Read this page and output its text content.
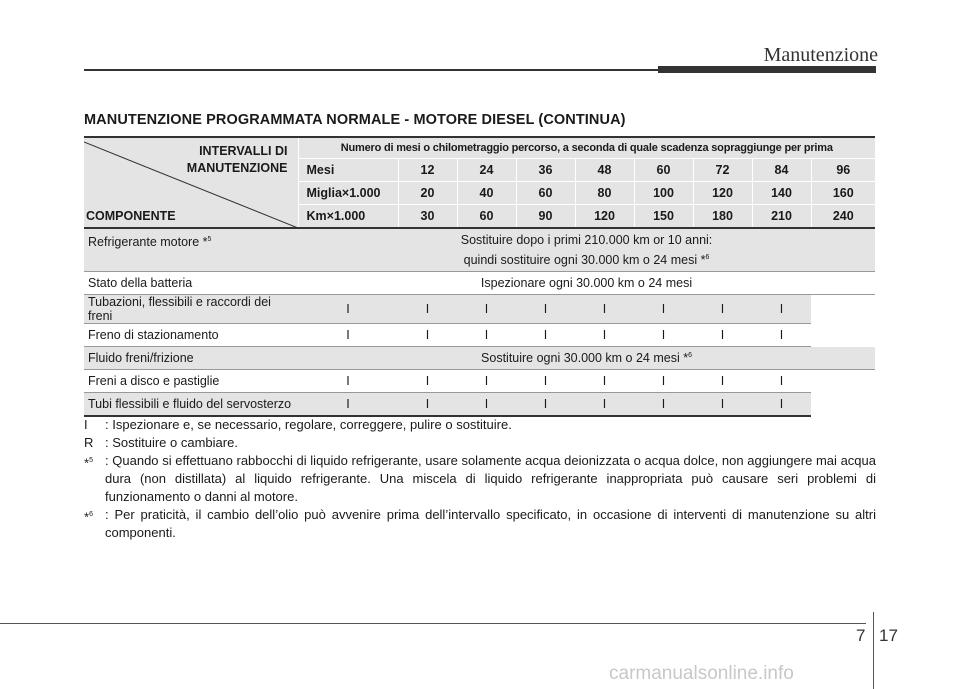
Manutenzione
MANUTENZIONE PROGRAMMATA NORMALE - MOTORE DIESEL (CONTINUA)
INTERVALLI DI
MANUTENZIONE
COMPONENTE	Numero di mesi o chilometraggio percorso, a seconda di quale scadenza sopraggiunge per prima								
	Mesi	12	24	36	48	60	72	84	96
	Miglia×1.000	20	40	60	80	100	120	140	160
	Km×1.000	30	60	90	120	150	180	210	240
Refrigerante motore *$^5$	Sostituire dopo i primi 210.000 km or 10 anni:
quindi sostituire ogni 30.000 km o 24 mesi *$^6$

Stato della batteria	Ispezionare ogni 30.000 km o 24 mesi								
Tubazioni, flessibili e raccordi dei freni	I	I	I	I	I	I	I	I	
Freno di stazionamento	I	I	I	I	I	I	I	I	
Fluido freni/frizione	Sostituire ogni 30.000 km o 24 mesi *$^6$
Freni a disco e pastiglie	I	I	I	I	I	I	I	I	
Tubi flessibili e fluido del servosterzo	I	I	I	I	I	I	I	I	
I	: Ispezionare e, se necessario, regolare, correggere, pulire o sostituire.
R : Sostituire o cambiare.
*$^5$ : Quando si effettuano rabbocchi di liquido refrigerante, usare solamente acqua deionizzata o acqua dolce, non aggiungere mai acqua dura (non distillata) al liquido refrigerante. Una miscela di liquido refrigerante inappropriata può causare seri problemi di funzionamento o danni al motore.
*$^6$ : Per praticità, il cambio dell’olio può avvenire prima dell’intervallo specificato, in occasione di interventi di manutenzione su altri componenti.
7 17
carmanualsonline.info
